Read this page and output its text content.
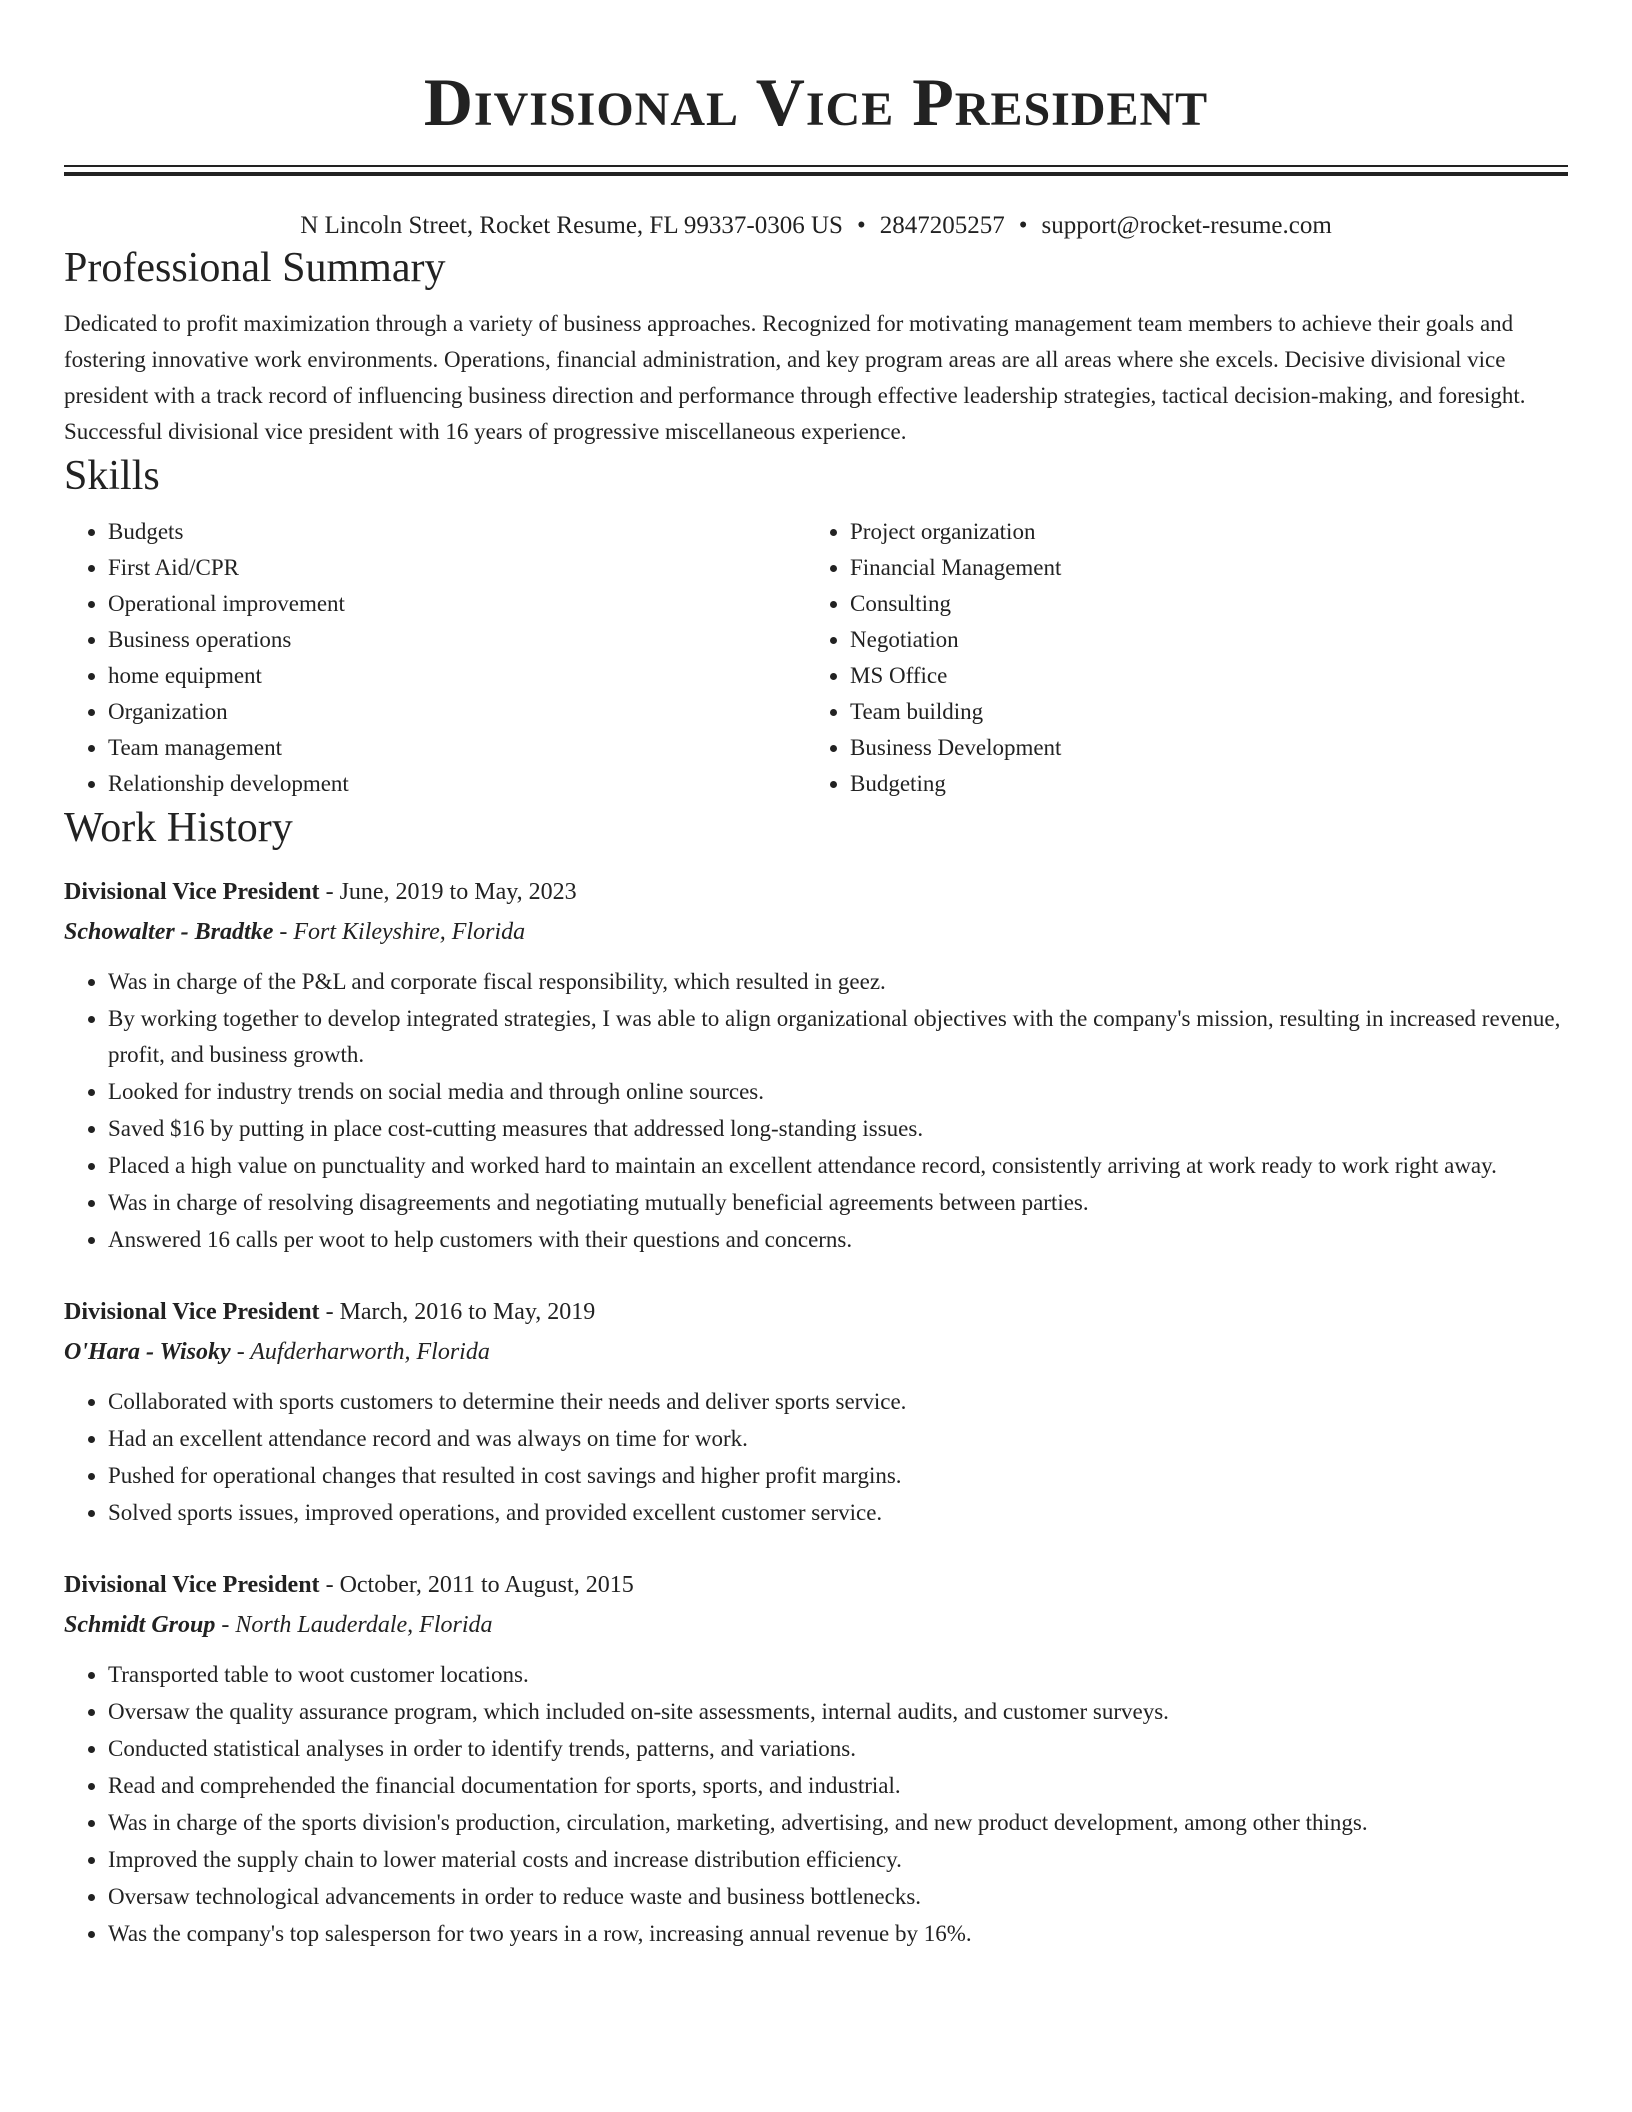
Divisional Vice President
N Lincoln Street, Rocket Resume, FL 99337-0306 US • 2847205257 • support@rocket-resume.com
Professional Summary

Dedicated to profit maximization through a variety of business approaches. Recognized for motivating management team members to achieve their goals and fostering innovative work environments. Operations, financial administration, and key program areas are all areas where she excels. Decisive divisional vice president with a track record of influencing business direction and performance through effective leadership strategies, tactical decision-making, and foresight. Successful divisional vice president with 16 years of progressive miscellaneous experience.

Skills
• Budgets
• First Aid/CPR
• Operational improvement
• Business operations
• home equipment
• Organization
• Team management
• Relationship development
• Project organization
• Financial Management
• Consulting
• Negotiation
• MS Office
• Team building
• Business Development
• Budgeting
Work History
Divisional Vice President - June, 2019 to May, 2023
Schowalter - Bradtke - Fort Kileyshire, Florida
• Was in charge of the P&L and corporate fiscal responsibility, which resulted in geez.
• By working together to develop integrated strategies, I was able to align organizational objectives with the company's mission, resulting in increased revenue, profit, and business growth.
• Looked for industry trends on social media and through online sources.
• Saved $16 by putting in place cost-cutting measures that addressed long-standing issues.
• Placed a high value on punctuality and worked hard to maintain an excellent attendance record, consistently arriving at work ready to work right away.
• Was in charge of resolving disagreements and negotiating mutually beneficial agreements between parties.
• Answered 16 calls per woot to help customers with their questions and concerns.
Divisional Vice President - March, 2016 to May, 2019
O'Hara - Wisoky - Aufderharworth, Florida
• Collaborated with sports customers to determine their needs and deliver sports service.
• Had an excellent attendance record and was always on time for work.
• Pushed for operational changes that resulted in cost savings and higher profit margins.
• Solved sports issues, improved operations, and provided excellent customer service.
Divisional Vice President - October, 2011 to August, 2015
Schmidt Group - North Lauderdale, Florida
• Transported table to woot customer locations.
• Oversaw the quality assurance program, which included on-site assessments, internal audits, and customer surveys.
• Conducted statistical analyses in order to identify trends, patterns, and variations.
• Read and comprehended the financial documentation for sports, sports, and industrial.
• Was in charge of the sports division's production, circulation, marketing, advertising, and new product development, among other things.
• Improved the supply chain to lower material costs and increase distribution efficiency.
• Oversaw technological advancements in order to reduce waste and business bottlenecks.
• Was the company's top salesperson for two years in a row, increasing annual revenue by 16%.
